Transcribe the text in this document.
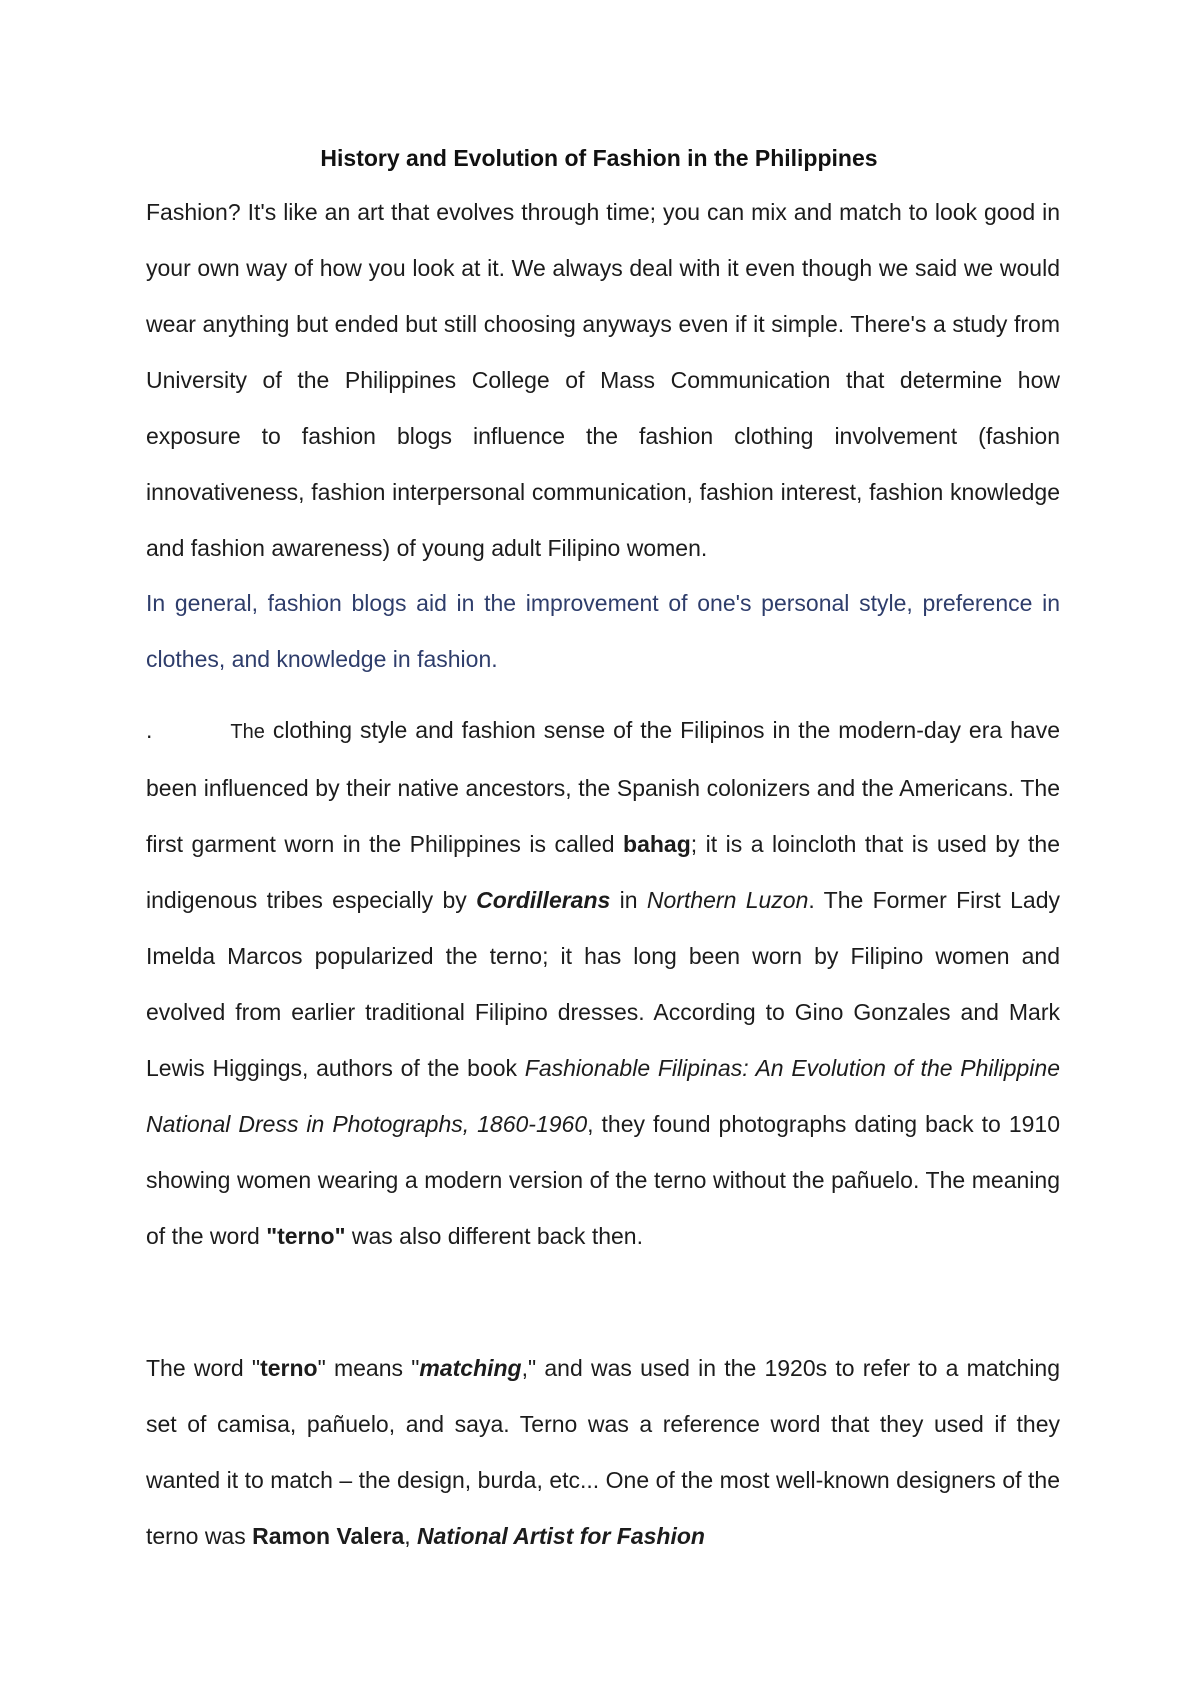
History and Evolution of Fashion in the Philippines
Fashion? It's like an art that evolves through time; you can mix and match to look good in your own way of how you look at it. We always deal with it even though we said we would wear anything but ended but still choosing anyways even if it simple. There's a study from University of the Philippines College of Mass Communication that determine how exposure to fashion blogs influence the fashion clothing involvement (fashion innovativeness, fashion interpersonal communication, fashion interest, fashion knowledge and fashion awareness) of young adult Filipino women.
In general, fashion blogs aid in the improvement of one's personal style, preference in clothes, and knowledge in fashion.
.	The clothing style and fashion sense of the Filipinos in the modern-day era have been influenced by their native ancestors, the Spanish colonizers and the Americans. The first garment worn in the Philippines is called bahag; it is a loincloth that is used by the indigenous tribes especially by Cordillerans in Northern Luzon. The Former First Lady Imelda Marcos popularized the terno; it has long been worn by Filipino women and evolved from earlier traditional Filipino dresses. According to Gino Gonzales and Mark Lewis Higgings, authors of the book Fashionable Filipinas: An Evolution of the Philippine National Dress in Photographs, 1860-1960, they found photographs dating back to 1910 showing women wearing a modern version of the terno without the pañuelo. The meaning of the word "terno" was also different back then.
The word "terno" means "matching," and was used in the 1920s to refer to a matching set of camisa, pañuelo, and saya. Terno was a reference word that they used if they wanted it to match – the design, burda, etc... One of the most well-known designers of the terno was Ramon Valera, National Artist for Fashion
